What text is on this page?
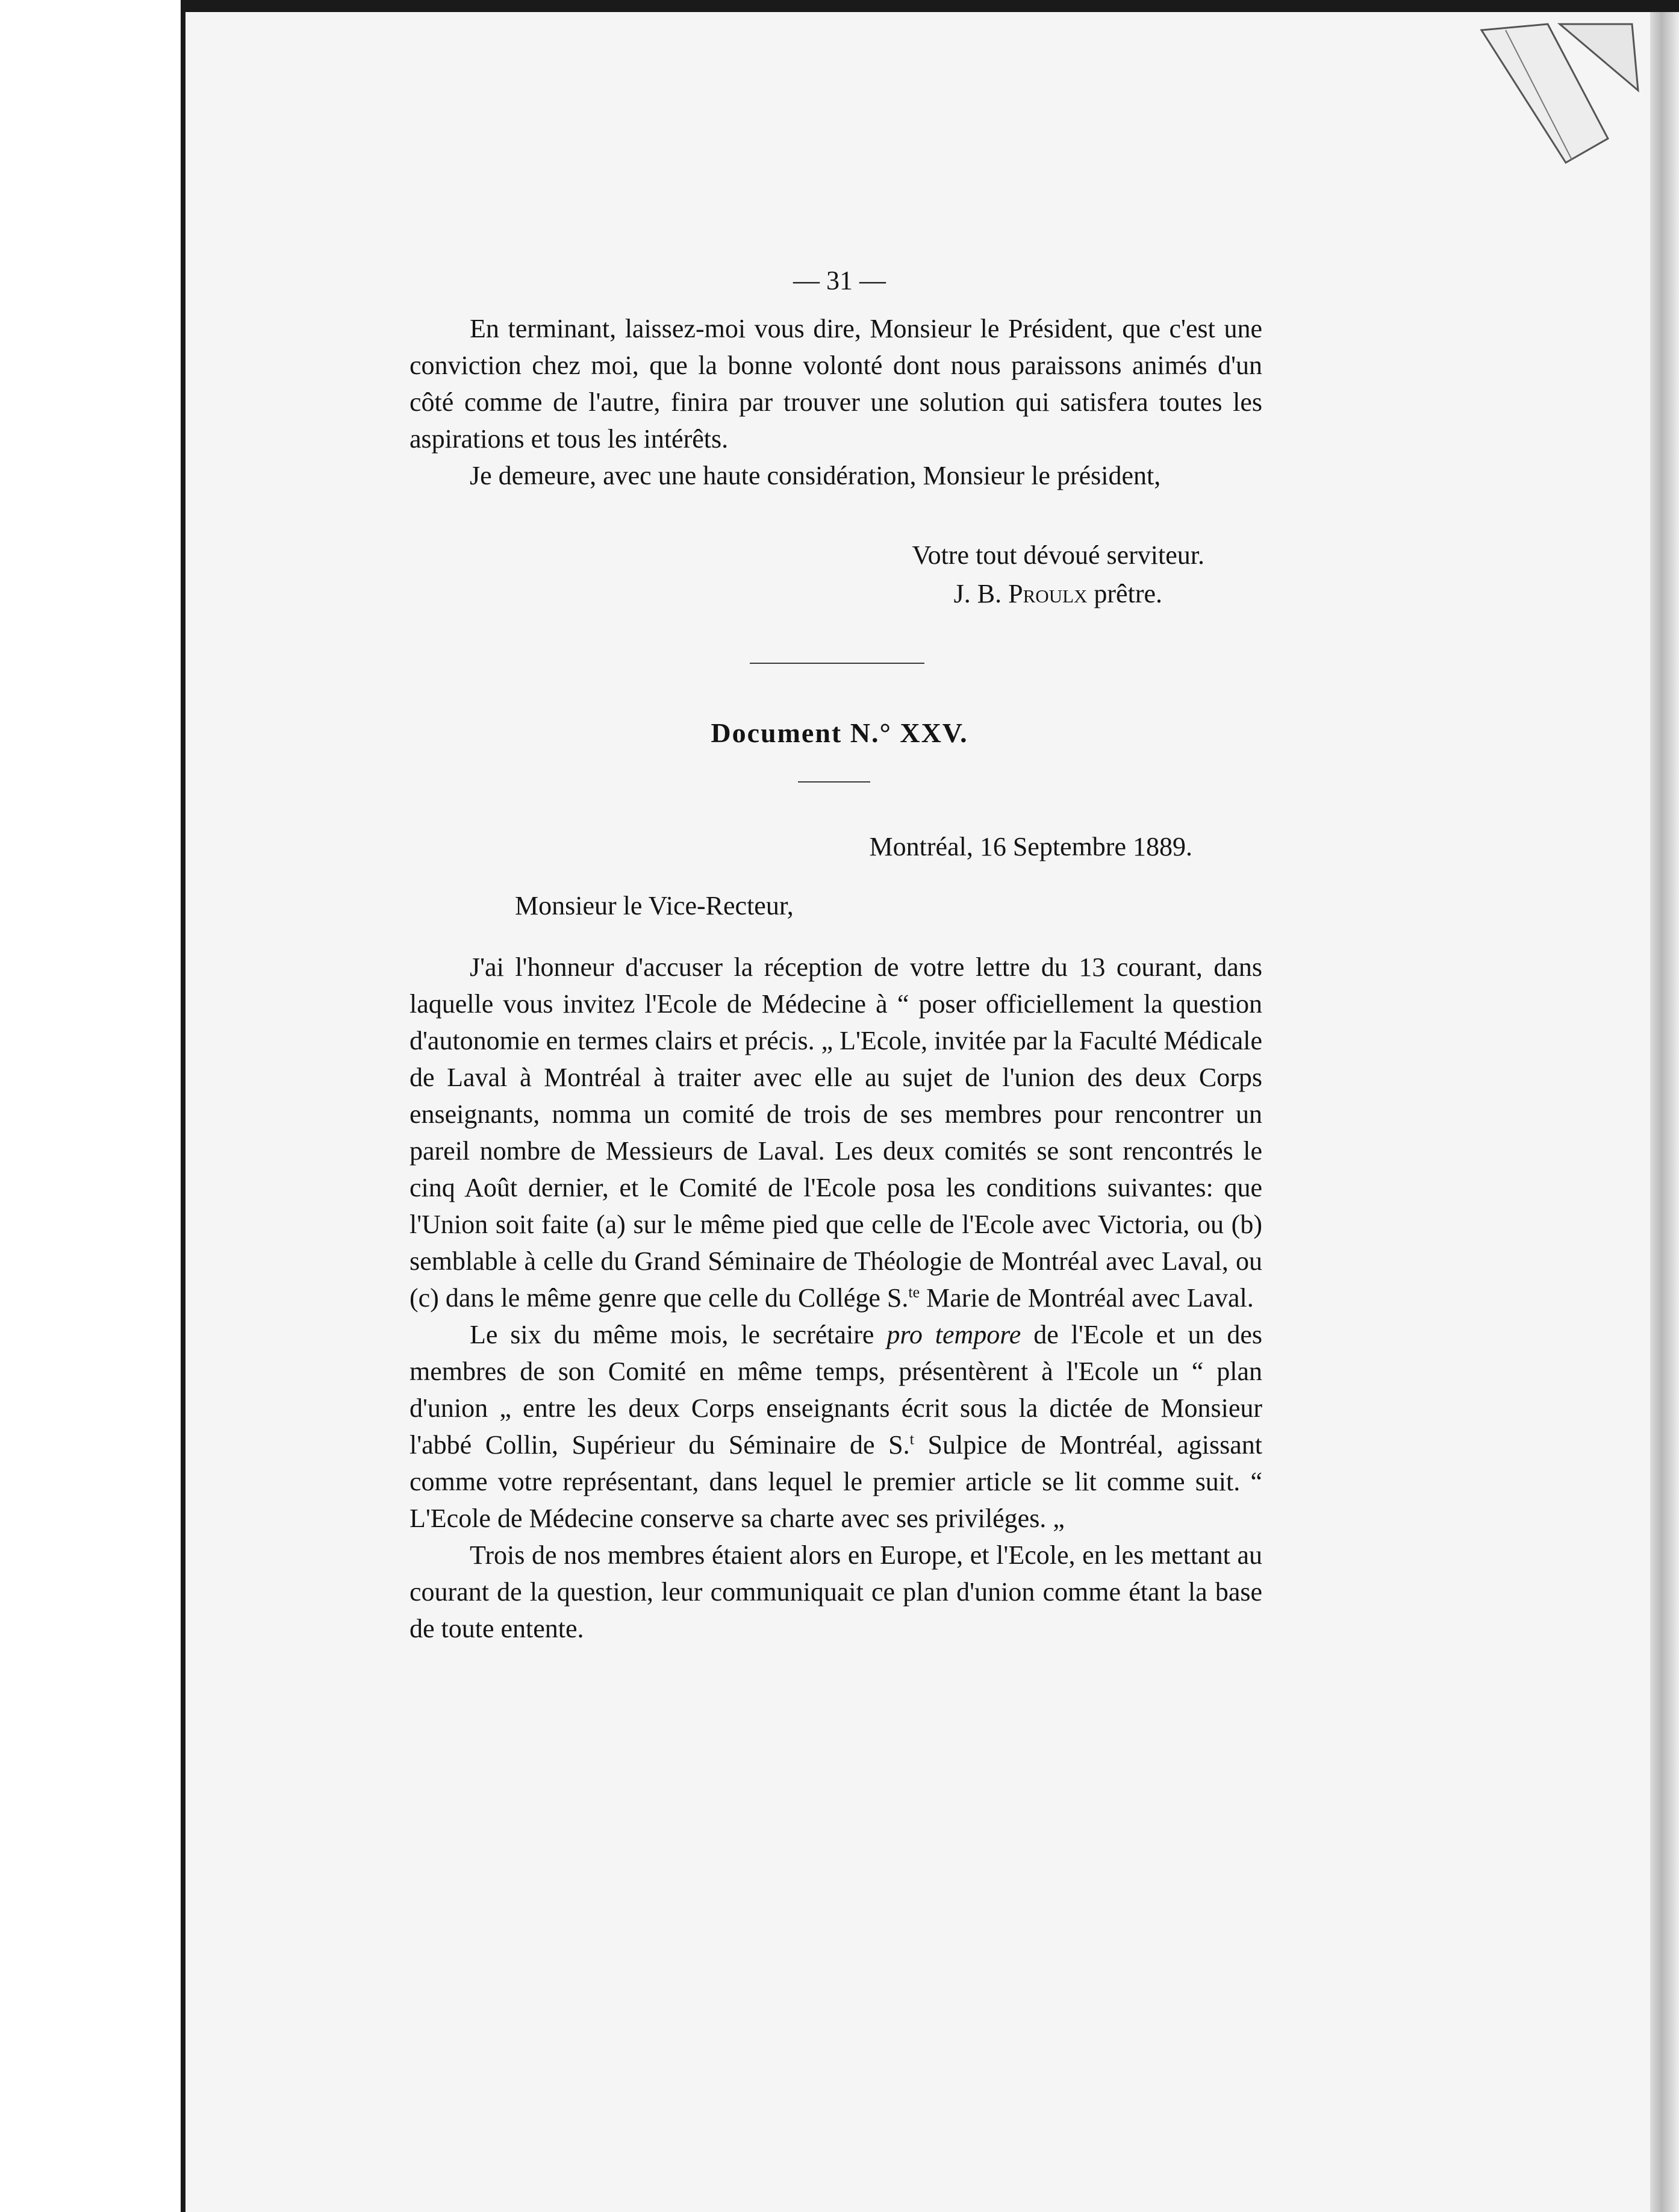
— 31 —

En terminant, laissez-moi vous dire, Monsieur le Président, que c'est une conviction chez moi, que la bonne volonté dont nous paraissons animés d'un côté comme de l'autre, finira par trouver une solution qui satisfera toutes les aspirations et tous les intérêts.

Je demeure, avec une haute considération, Monsieur le président,

Votre tout dévoué serviteur.
J. B. Proulx prêtre.
Document N.° XXV.
Montréal, 16 Septembre 1889.
Monsieur le Vice-Recteur,

J'ai l'honneur d'accuser la réception de votre lettre du 13 courant, dans laquelle vous invitez l'Ecole de Médecine à “ poser officiellement la question d'autonomie en termes clairs et précis. „ L'Ecole, invitée par la Faculté Médicale de Laval à Montréal à traiter avec elle au sujet de l'union des deux Corps enseignants, nomma un comité de trois de ses membres pour rencontrer un pareil nombre de Messieurs de Laval. Les deux comités se sont rencontrés le cinq Août dernier, et le Comité de l'Ecole posa les conditions suivantes: que l'Union soit faite (a) sur le même pied que celle de l'Ecole avec Victoria, ou (b) semblable à celle du Grand Séminaire de Théologie de Montréal avec Laval, ou (c) dans le même genre que celle du Collége S.$^{te}$ Marie de Montréal avec Laval.

Le six du même mois, le secrétaire pro tempore de l'Ecole et un des membres de son Comité en même temps, présentèrent à l'Ecole un “ plan d'union „ entre les deux Corps enseignants écrit sous la dictée de Monsieur l'abbé Collin, Supérieur du Séminaire de S.$^t$ Sulpice de Montréal, agissant comme votre représentant, dans lequel le premier article se lit comme suit. “ L'Ecole de Médecine conserve sa charte avec ses priviléges. „

Trois de nos membres étaient alors en Europe, et l'Ecole, en les mettant au courant de la question, leur communiquait ce plan d'union comme étant la base de toute entente.
